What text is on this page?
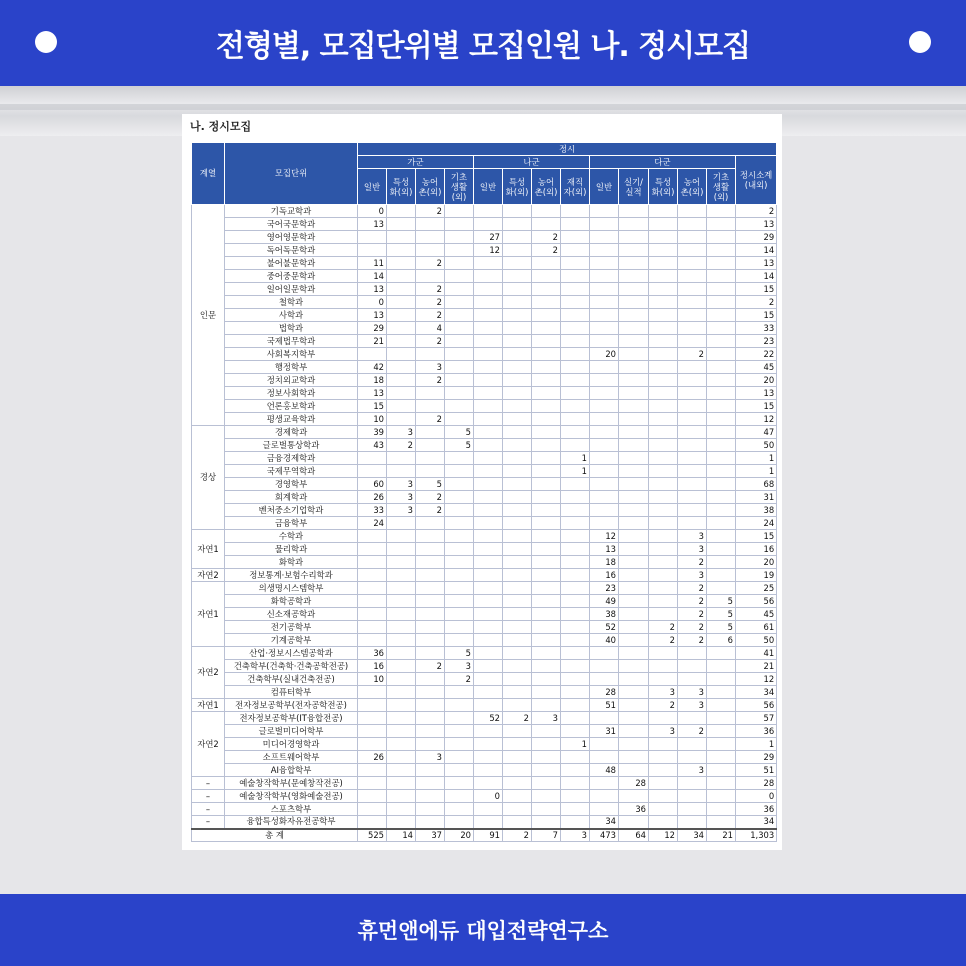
전형별, 모집단위별 모집인원 나. 정시모집
나. 정시모집
계열	모집단위	정시													
		가군				나군				다군					정시소계(내외)
		일반	특성화(외)	농어촌(외)	기초생활(외)	일반	특성화(외)	농어촌(외)	재직자(외)	일반	실기/실적	특성화(외)	농어촌(외)	기초생활(외)	
인문	기독교학과	0		2											2
	국어국문학과	13													13
	영어영문학과					27		2							29
	독어독문학과					12		2							14
	불어불문학과	11		2											13
	중어중문학과	14													14
	일어일문학과	13		2											15
	철학과	0		2											2
	사학과	13		2											15
	법학과	29		4											33
	국제법무학과	21		2											23
	사회복지학부									20			2		22
	행정학부	42		3											45
	정치외교학과	18		2											20
	정보사회학과	13													13
	언론홍보학과	15													15
	평생교육학과	10		2											12
경상	경제학과	39	3		5										47
	글로벌통상학과	43	2		5										50
	금융경제학과								1						1
	국제무역학과								1						1
	경영학부	60	3	5											68
	회계학과	26	3	2											31
	벤처중소기업학과	33	3	2											38
	금융학부	24													24
자연1	수학과									12			3		15
	물리학과									13			3		16
	화학과									18			2		20
자연2	정보통계·보험수리학과									16			3		19
자연1	의생명시스템학부									23			2		25
	화학공학과									49			2	5	56
	신소재공학과									38			2	5	45
	전기공학부									52		2	2	5	61
	기계공학부									40		2	2	6	50
자연2	산업·정보시스템공학과	36			5										41
	건축학부(건축학·건축공학전공)	16		2	3										21
	건축학부(실내건축전공)	10			2										12
	컴퓨터학부									28		3	3		34
자연1	전자정보공학부(전자공학전공)									51		2	3		56
자연2	전자정보공학부(IT융합전공)					52	2	3							57
	글로벌미디어학부									31		3	2		36
	미디어경영학과								1						1
	소프트웨어학부	26		3											29
	AI융합학부									48			3		51
–	예술창작학부(문예창작전공)										28				28
–	예술창작학부(영화예술전공)					0									0
–	스포츠학부										36				36
–	융합특성화자유전공학부									34					34
총 계		525	14	37	20	91	2	7	3	473	64	12	34	21	1,303
휴먼앤에듀 대입전략연구소
